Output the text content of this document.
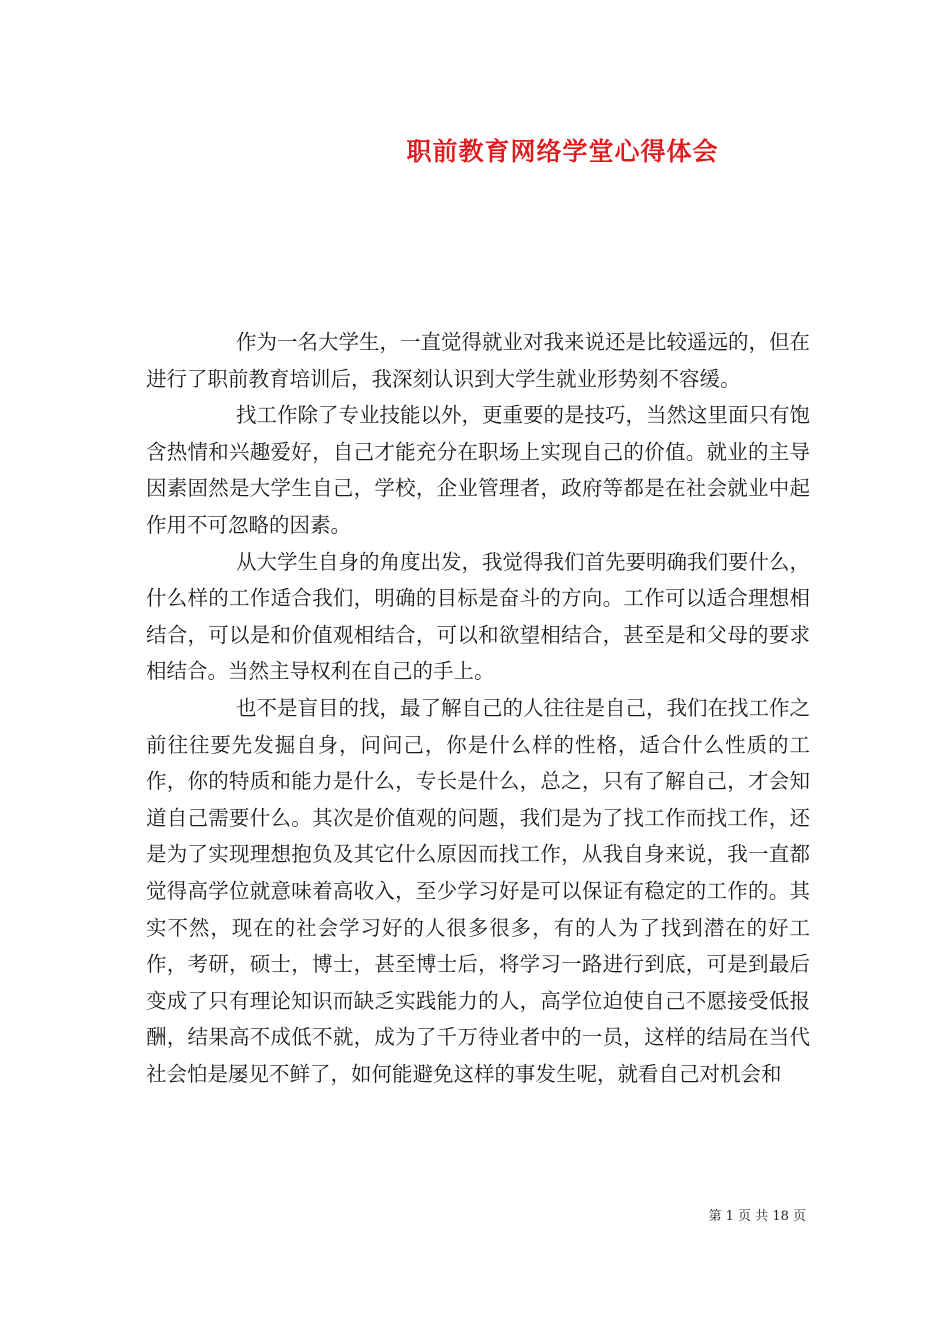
职前教育网络学堂心得体会

作为一名大学生，一直觉得就业对我来说还是比较遥远的，但在进行了职前教育培训后，我深刻认识到大学生就业形势刻不容缓。

找工作除了专业技能以外，更重要的是技巧，当然这里面只有饱含热情和兴趣爱好，自己才能充分在职场上实现自己的价值。就业的主导因素固然是大学生自己，学校，企业管理者，政府等都是在社会就业中起作用不可忽略的因素。

从大学生自身的角度出发，我觉得我们首先要明确我们要什么，什么样的工作适合我们，明确的目标是奋斗的方向。工作可以适合理想相结合，可以是和价值观相结合，可以和欲望相结合，甚至是和父母的要求相结合。当然主导权利在自己的手上。

也不是盲目的找，最了解自己的人往往是自己，我们在找工作之前往往要先发掘自身，问问己，你是什么样的性格，适合什么性质的工作，你的特质和能力是什么，专长是什么，总之，只有了解自己，才会知道自己需要什么。其次是价值观的问题，我们是为了找工作而找工作，还是为了实现理想抱负及其它什么原因而找工作，从我自身来说，我一直都觉得高学位就意味着高收入，至少学习好是可以保证有稳定的工作的。其实不然，现在的社会学习好的人很多很多，有的人为了找到潜在的好工作，考研，硕士，博士，甚至博士后，将学习一路进行到底，可是到最后变成了只有理论知识而缺乏实践能力的人，高学位迫使自己不愿接受低报酬，结果高不成低不就，成为了千万待业者中的一员，这样的结局在当代社会怕是屡见不鲜了，如何能避免这样的事发生呢，就看自己对机会和

第 1 页 共 18 页
